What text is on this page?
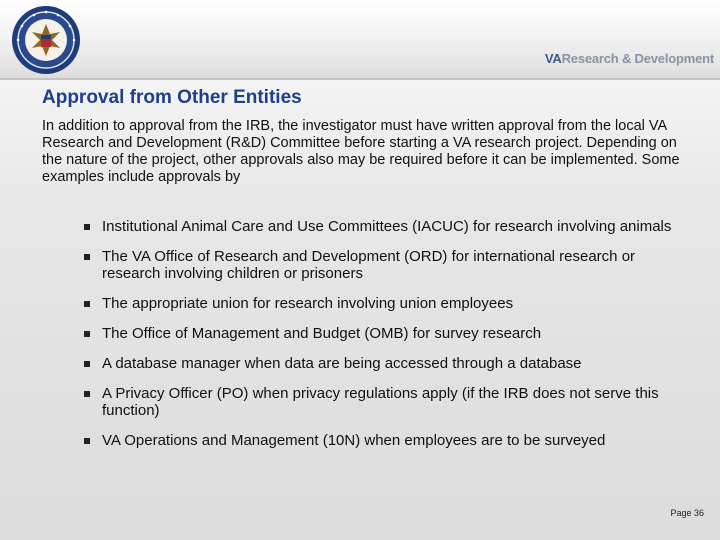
VAResearch & Development
Approval from Other Entities

In addition to approval from the IRB, the investigator must have written approval from the local VA Research and Development (R&D) Committee before starting a VA research project. Depending on the nature of the project, other approvals also may be required before it can be implemented. Some examples include approvals by

Institutional Animal Care and Use Committees (IACUC) for research involving animals
The VA Office of Research and Development (ORD) for international research or research involving children or prisoners
The appropriate union for research involving union employees
The Office of Management and Budget (OMB) for survey research
A database manager when data are being accessed through a database
A Privacy Officer (PO) when privacy regulations apply (if the IRB does not serve this function)
VA Operations and Management (10N) when employees are to be surveyed
Page 36
